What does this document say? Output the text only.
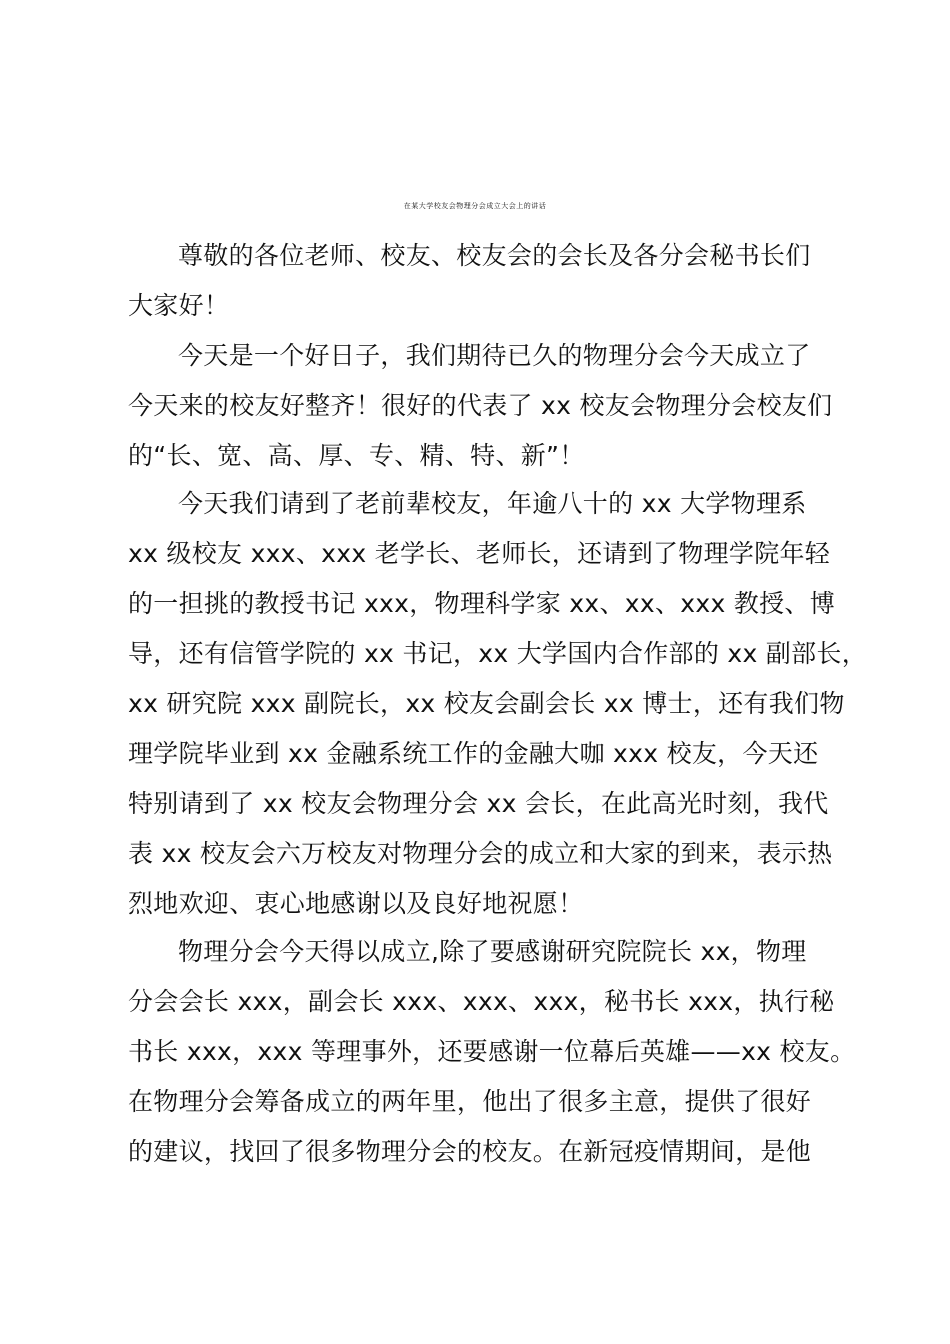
在某大学校友会物理分会成立大会上的讲话
尊敬的各位老师、校友、校友会的会长及各分会秘书长们
大家好！
今天是一个好日子，我们期待已久的物理分会今天成立了
今天来的校友好整齐！很好的代表了 xx 校友会物理分会校友们
的“长、宽、高、厚、专、精、特、新”！
今天我们请到了老前辈校友，年逾八十的 xx 大学物理系
xx 级校友 xxx、xxx 老学长、老师长，还请到了物理学院年轻
的一担挑的教授书记 xxx，物理科学家 xx、xx、xxx 教授、博
导，还有信管学院的 xx 书记，xx 大学国内合作部的 xx 副部长，
xx 研究院 xxx 副院长，xx 校友会副会长 xx 博士，还有我们物
理学院毕业到 xx 金融系统工作的金融大咖 xxx 校友，今天还
特别请到了 xx 校友会物理分会 xx 会长，在此高光时刻，我代
表 xx 校友会六万校友对物理分会的成立和大家的到来，表示热
烈地欢迎、衷心地感谢以及良好地祝愿！
物理分会今天得以成立,除了要感谢研究院院长 xx，物理
分会会长 xxx，副会长 xxx、xxx、xxx，秘书长 xxx，执行秘
书长 xxx，xxx 等理事外，还要感谢一位幕后英雄——xx 校友。
在物理分会筹备成立的两年里，他出了很多主意，提供了很好
的建议，找回了很多物理分会的校友。在新冠疫情期间，是他
